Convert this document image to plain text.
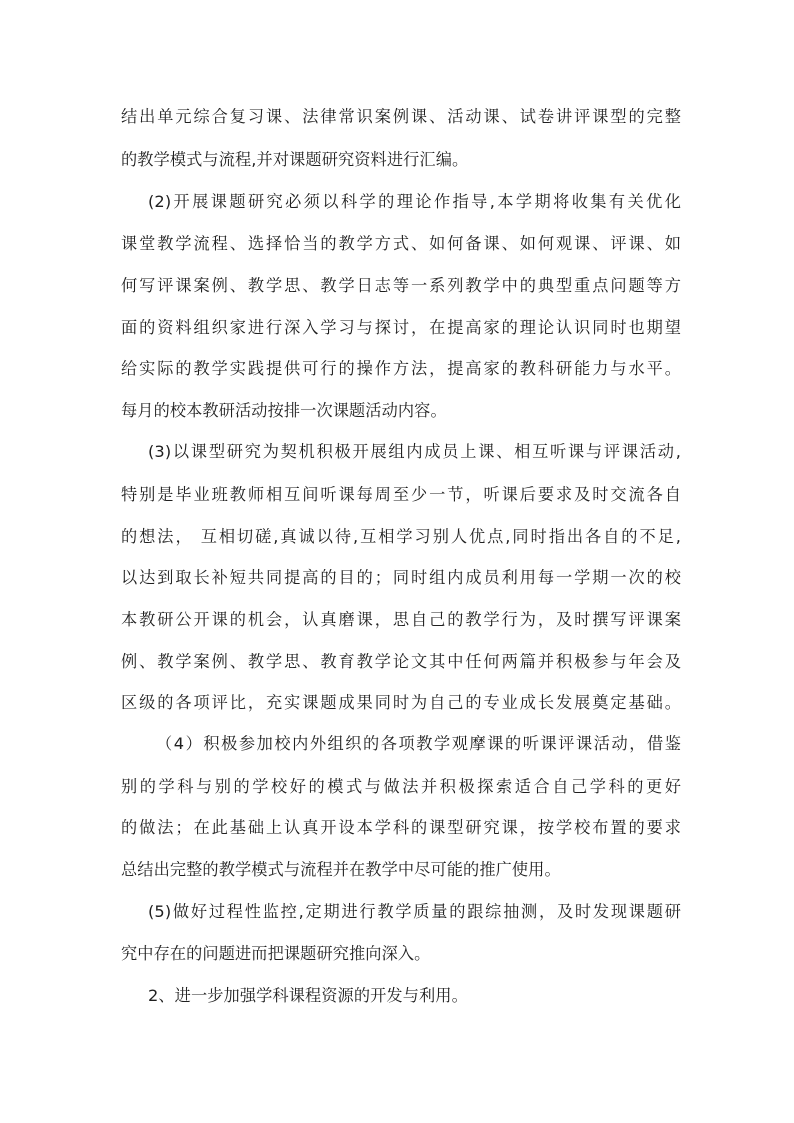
结出单元综合复习课、法律常识案例课、活动课、试卷讲评课型的完整
的教学模式与流程,并对课题研究资料进行汇编。
(2)开展课题研究必须以科学的理论作指导,本学期将收集有关优化
课堂教学流程、选择恰当的教学方式、如何备课、如何观课、评课、如
何写评课案例、教学思、教学日志等一系列教学中的典型重点问题等方
面的资料组织家进行深入学习与探讨，在提高家的理论认识同时也期望
给实际的教学实践提供可行的操作方法，提高家的教科研能力与水平。
每月的校本教研活动按排一次课题活动内容。
(3)以课型研究为契机积极开展组内成员上课、相互听课与评课活动,
特别是毕业班教师相互间听课每周至少一节，听课后要求及时交流各自
的想法， 互相切磋,真诚以待,互相学习别人优点,同时指出各自的不足,
以达到取长补短共同提高的目的；同时组内成员利用每一学期一次的校
本教研公开课的机会，认真磨课，思自己的教学行为，及时撰写评课案
例、教学案例、教学思、教育教学论文其中任何两篇并积极参与年会及
区级的各项评比，充实课题成果同时为自己的专业成长发展奠定基础。
（4）积极参加校内外组织的各项教学观摩课的听课评课活动，借鉴
别的学科与别的学校好的模式与做法并积极探索适合自己学科的更好
的做法；在此基础上认真开设本学科的课型研究课，按学校布置的要求
总结出完整的教学模式与流程并在教学中尽可能的推广使用。
(5)做好过程性监控,定期进行教学质量的跟综抽测，及时发现课题研
究中存在的问题进而把课题研究推向深入。
2、进一步加强学科课程资源的开发与利用。
